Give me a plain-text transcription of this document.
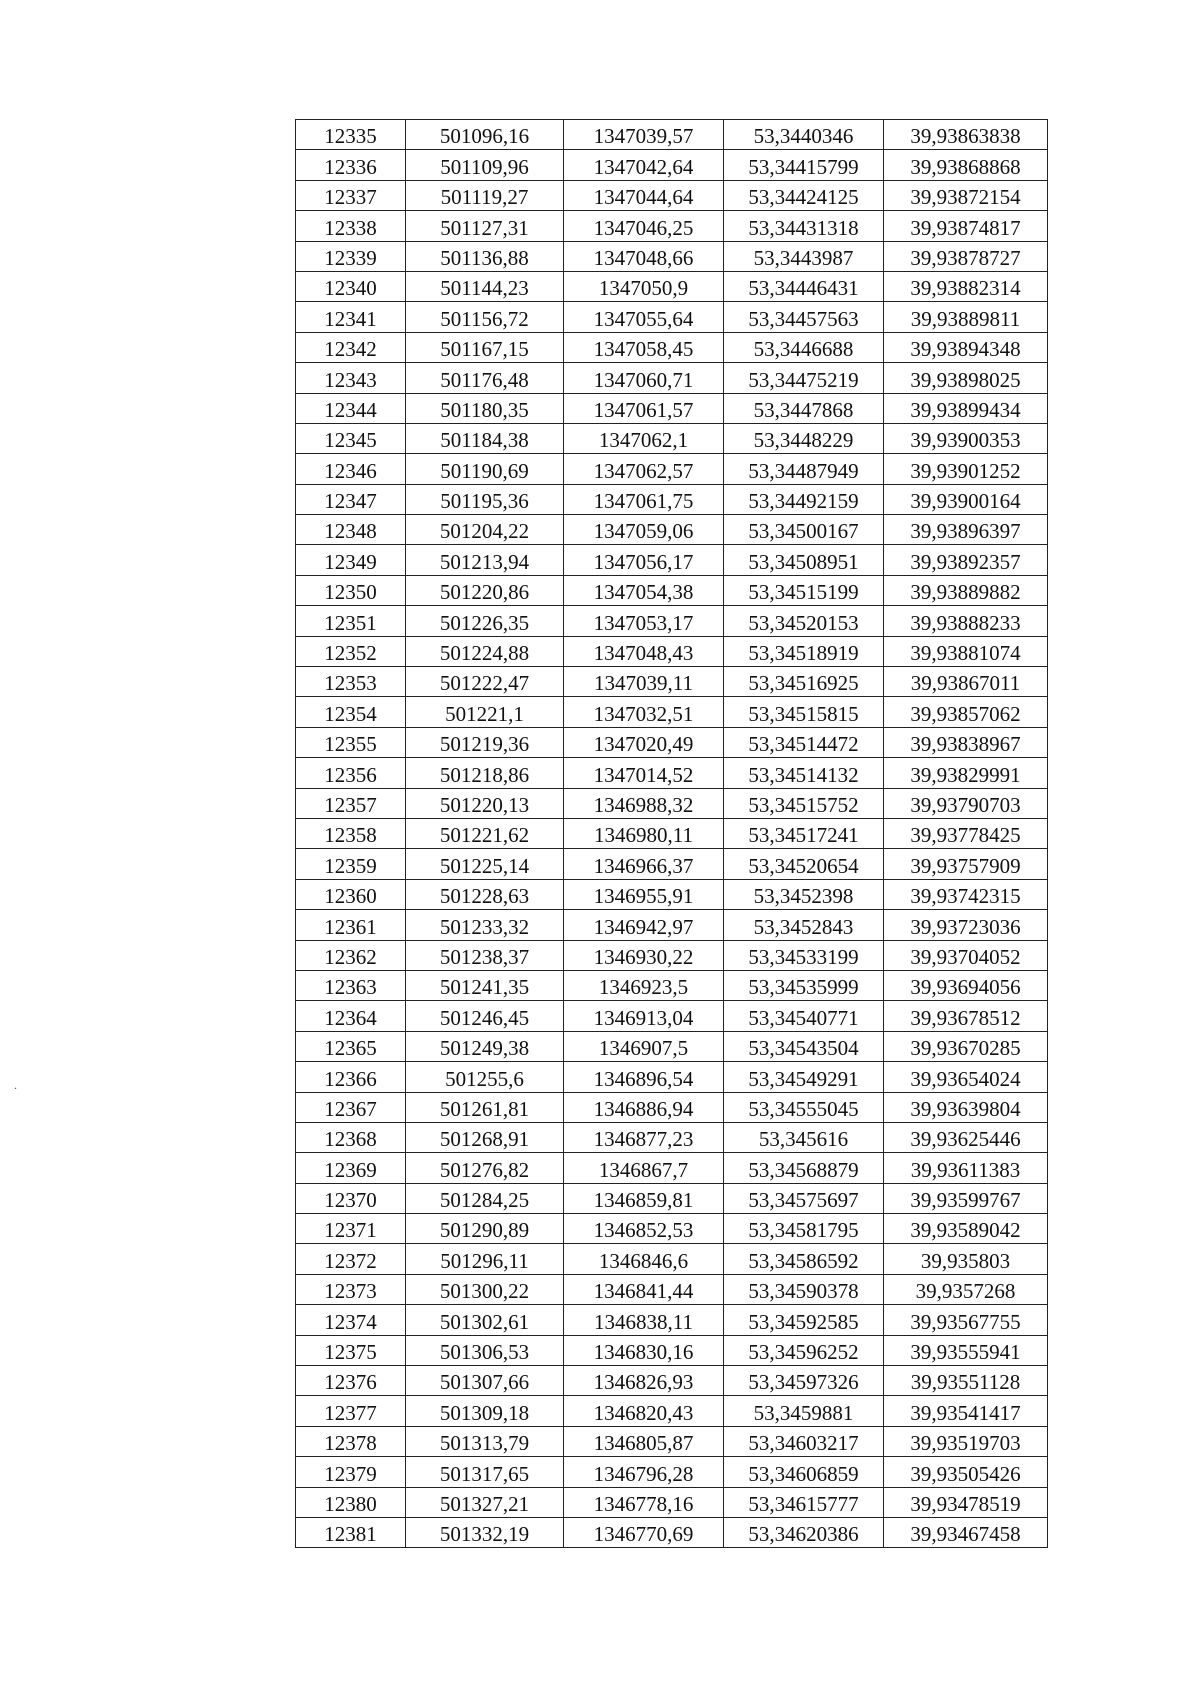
.
12335	501096,16	1347039,57	53,3440346	39,93863838
12336	501109,96	1347042,64	53,34415799	39,93868868
12337	501119,27	1347044,64	53,34424125	39,93872154
12338	501127,31	1347046,25	53,34431318	39,93874817
12339	501136,88	1347048,66	53,3443987	39,93878727
12340	501144,23	1347050,9	53,34446431	39,93882314
12341	501156,72	1347055,64	53,34457563	39,93889811
12342	501167,15	1347058,45	53,3446688	39,93894348
12343	501176,48	1347060,71	53,34475219	39,93898025
12344	501180,35	1347061,57	53,3447868	39,93899434
12345	501184,38	1347062,1	53,3448229	39,93900353
12346	501190,69	1347062,57	53,34487949	39,93901252
12347	501195,36	1347061,75	53,34492159	39,93900164
12348	501204,22	1347059,06	53,34500167	39,93896397
12349	501213,94	1347056,17	53,34508951	39,93892357
12350	501220,86	1347054,38	53,34515199	39,93889882
12351	501226,35	1347053,17	53,34520153	39,93888233
12352	501224,88	1347048,43	53,34518919	39,93881074
12353	501222,47	1347039,11	53,34516925	39,93867011
12354	501221,1	1347032,51	53,34515815	39,93857062
12355	501219,36	1347020,49	53,34514472	39,93838967
12356	501218,86	1347014,52	53,34514132	39,93829991
12357	501220,13	1346988,32	53,34515752	39,93790703
12358	501221,62	1346980,11	53,34517241	39,93778425
12359	501225,14	1346966,37	53,34520654	39,93757909
12360	501228,63	1346955,91	53,3452398	39,93742315
12361	501233,32	1346942,97	53,3452843	39,93723036
12362	501238,37	1346930,22	53,34533199	39,93704052
12363	501241,35	1346923,5	53,34535999	39,93694056
12364	501246,45	1346913,04	53,34540771	39,93678512
12365	501249,38	1346907,5	53,34543504	39,93670285
12366	501255,6	1346896,54	53,34549291	39,93654024
12367	501261,81	1346886,94	53,34555045	39,93639804
12368	501268,91	1346877,23	53,345616	39,93625446
12369	501276,82	1346867,7	53,34568879	39,93611383
12370	501284,25	1346859,81	53,34575697	39,93599767
12371	501290,89	1346852,53	53,34581795	39,93589042
12372	501296,11	1346846,6	53,34586592	39,935803
12373	501300,22	1346841,44	53,34590378	39,9357268
12374	501302,61	1346838,11	53,34592585	39,93567755
12375	501306,53	1346830,16	53,34596252	39,93555941
12376	501307,66	1346826,93	53,34597326	39,93551128
12377	501309,18	1346820,43	53,3459881	39,93541417
12378	501313,79	1346805,87	53,34603217	39,93519703
12379	501317,65	1346796,28	53,34606859	39,93505426
12380	501327,21	1346778,16	53,34615777	39,93478519
12381	501332,19	1346770,69	53,34620386	39,93467458
